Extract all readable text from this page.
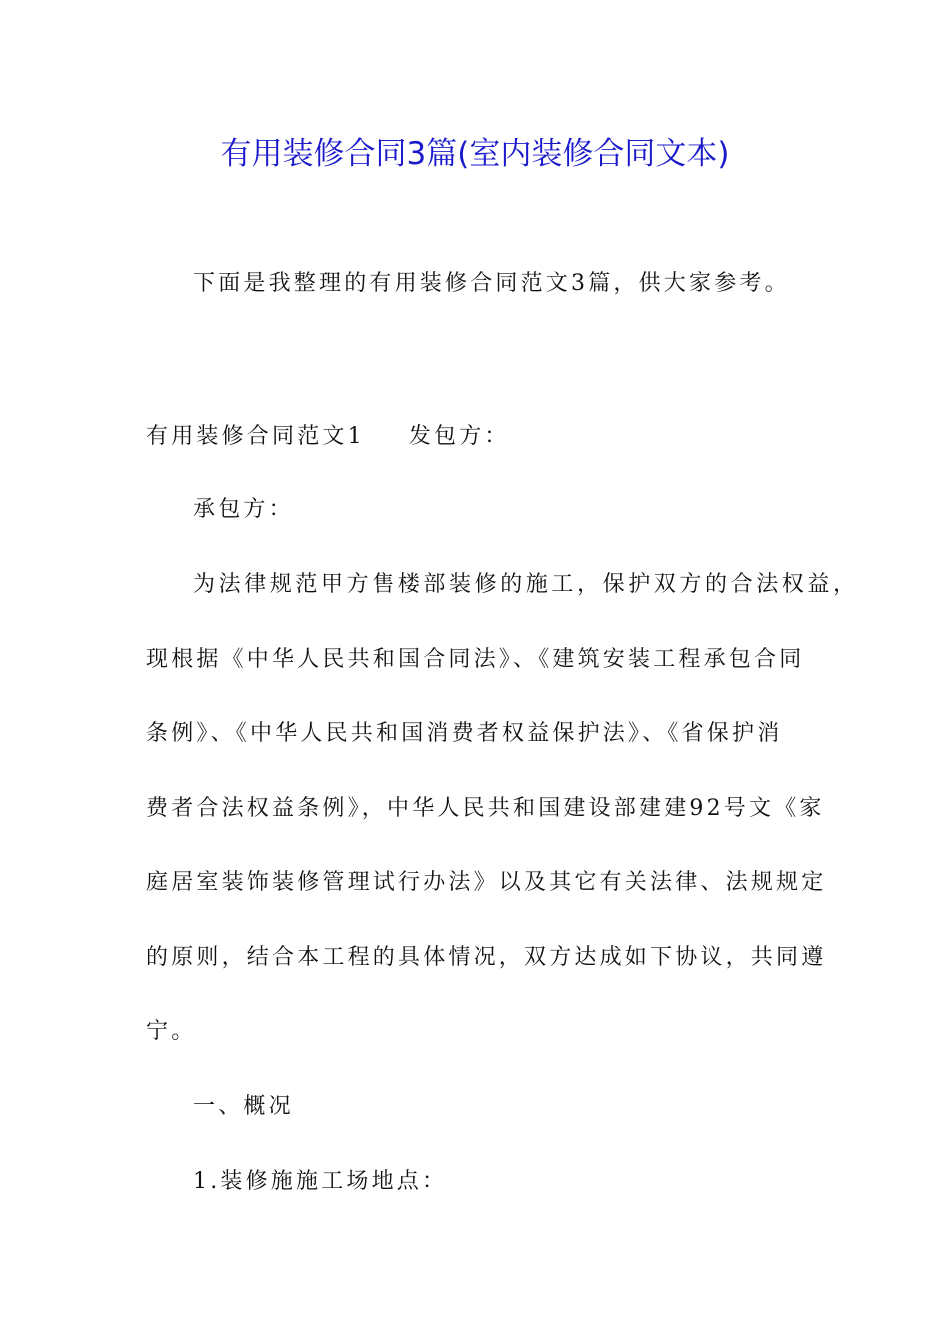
有用装修合同3篇(室内装修合同文本)
下面是我整理的有用装修合同范文3篇，供大家参考。
有用装修合同范文1 发包方：
承包方：
为法律规范甲方售楼部装修的施工，保护双方的合法权益，
现根据《中华人民共和国合同法》、《建筑安装工程承包合同
条例》、《中华人民共和国消费者权益保护法》、《省保护消
费者合法权益条例》，中华人民共和国建设部建建92号文《家
庭居室装饰装修管理试行办法》以及其它有关法律、法规规定
的原则，结合本工程的具体情况，双方达成如下协议，共同遵
宁。
一、概况
1.装修施施工场地点：
